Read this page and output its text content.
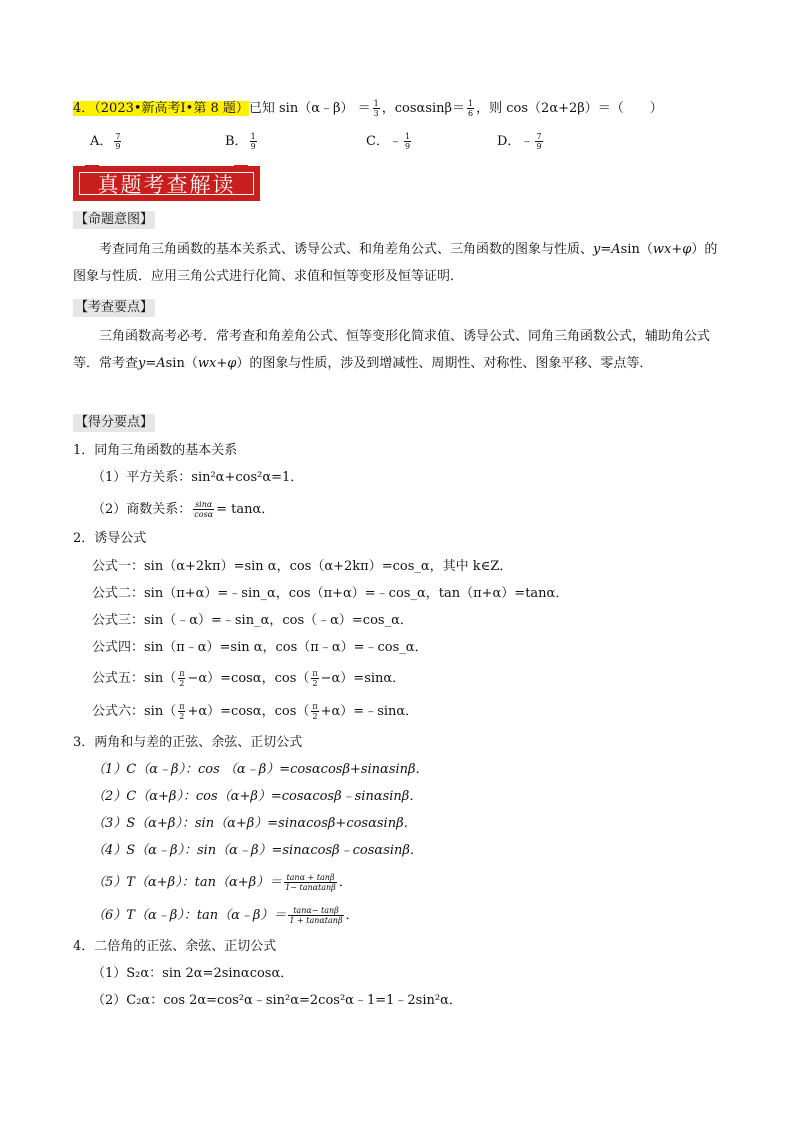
4．（2023•新高考Ⅰ•第 8 题）已知 sin（α﹣β） ＝ $\frac{1}{3}$ ，$\cos\alpha\sin\beta= \frac{1}{6}$ ，则 cos（2α+2β）＝（　　）
A． $\frac{7}{9}$	B． $\frac{1}{9}$	C．﹣ $\frac{1}{9}$	D．﹣ $\frac{7}{9}$
真题考查解读
【命题意图】
考查同角三角函数的基本关系式、诱导公式、和角差角公式、三角函数的图象与性质、y=Asin（wx+φ）的图象与性质．应用三角公式进行化简、求值和恒等变形及恒等证明．
【考查要点】
三角函数高考必考．常考查和角差角公式、恒等变形化简求值、诱导公式、同角三角函数公式，辅助角公式等．常考查y=Asin（wx+φ）的图象与性质，涉及到增减性、周期性、对称性、图象平移、零点等．
【得分要点】
1．同角三角函数的基本关系
（1）平方关系：sin²α+cos²α=1．
（2）商数关系： $\frac{\sin\alpha}{\cos\alpha} = \tan\alpha$．
2．诱导公式
公式一：sin（α+2kπ）=sin α，cos（α+2kπ）=cos_α，其中 k∈Z．
公式二：sin（π+α）=﹣sin_α，cos（π+α）=﹣cos_α，tan（π+α）=tanα．
公式三：sin（﹣α）=﹣sin_α，cos（﹣α）=cos_α．
公式四：sin（π﹣α）=sin α，cos（π﹣α）=﹣cos_α．
公式五：$\sin( \frac{\pi}{2} -\alpha)=\cos\alpha$，$\cos( \frac{\pi}{2} -\alpha)=\sin\alpha$．
公式六：$\sin( \frac{\pi}{2} +\alpha)=\cos\alpha$，$\cos( \frac{\pi}{2}$ +α）=﹣sinα．
3．两角和与差的正弦、余弦、正切公式
（1）C（α﹣β）：cos （α﹣β）=cosαcosβ+sinαsinβ．
（2）C（α+β）：cos（α+β）=cosαcosβ﹣sinαsinβ．
（3）S（α+β）：sin（α+β）=sinαcosβ+cosαsinβ．
（4）S（α﹣β）：sin（α﹣β）=sinαcosβ﹣cosαsinβ．
（5）T（α+β）：$\tan(\alpha+\beta)= \frac{\tan\alpha + \tan\beta}{1- \tan\alpha\tan\beta}$ ．
（6）T（α﹣β）：tan（α﹣β）＝ $\frac{\tan\alpha- \tan\beta}{1 + \tan\alpha\tan\beta}$ ．
4．二倍角的正弦、余弦、正切公式
（1）S₂α：sin 2α=2sinαcosα．
（2）C₂α：cos 2α=cos²α﹣sin²α=2cos²α﹣1=1﹣2sin²α．
